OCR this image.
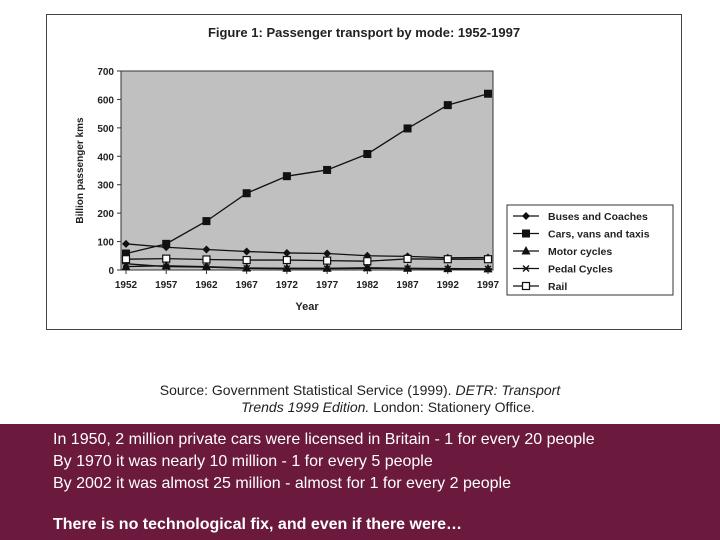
Figure 1: Passenger transport by mode: 1952-1997
0
100
200
300
400
500
600
700
1952 1957 1962 1967 1972 1977 1982 1987 1992 1997
Year
Billion passenger kms	Buses and Coaches
Cars, vans and taxis
Motor cycles
Pedal Cycles
Rail
Source: Government Statistical Service (1999). DETR: Transport
Trends 1999 Edition. London: Stationery Office.
In 1950, 2 million private cars were licensed in Britain - 1 for every 20 people
By 1970 it was nearly 10 million - 1 for every 5 people
By 2002 it was almost 25 million - almost for 1 for every 2 people
There is no technological fix, and even if there were…
